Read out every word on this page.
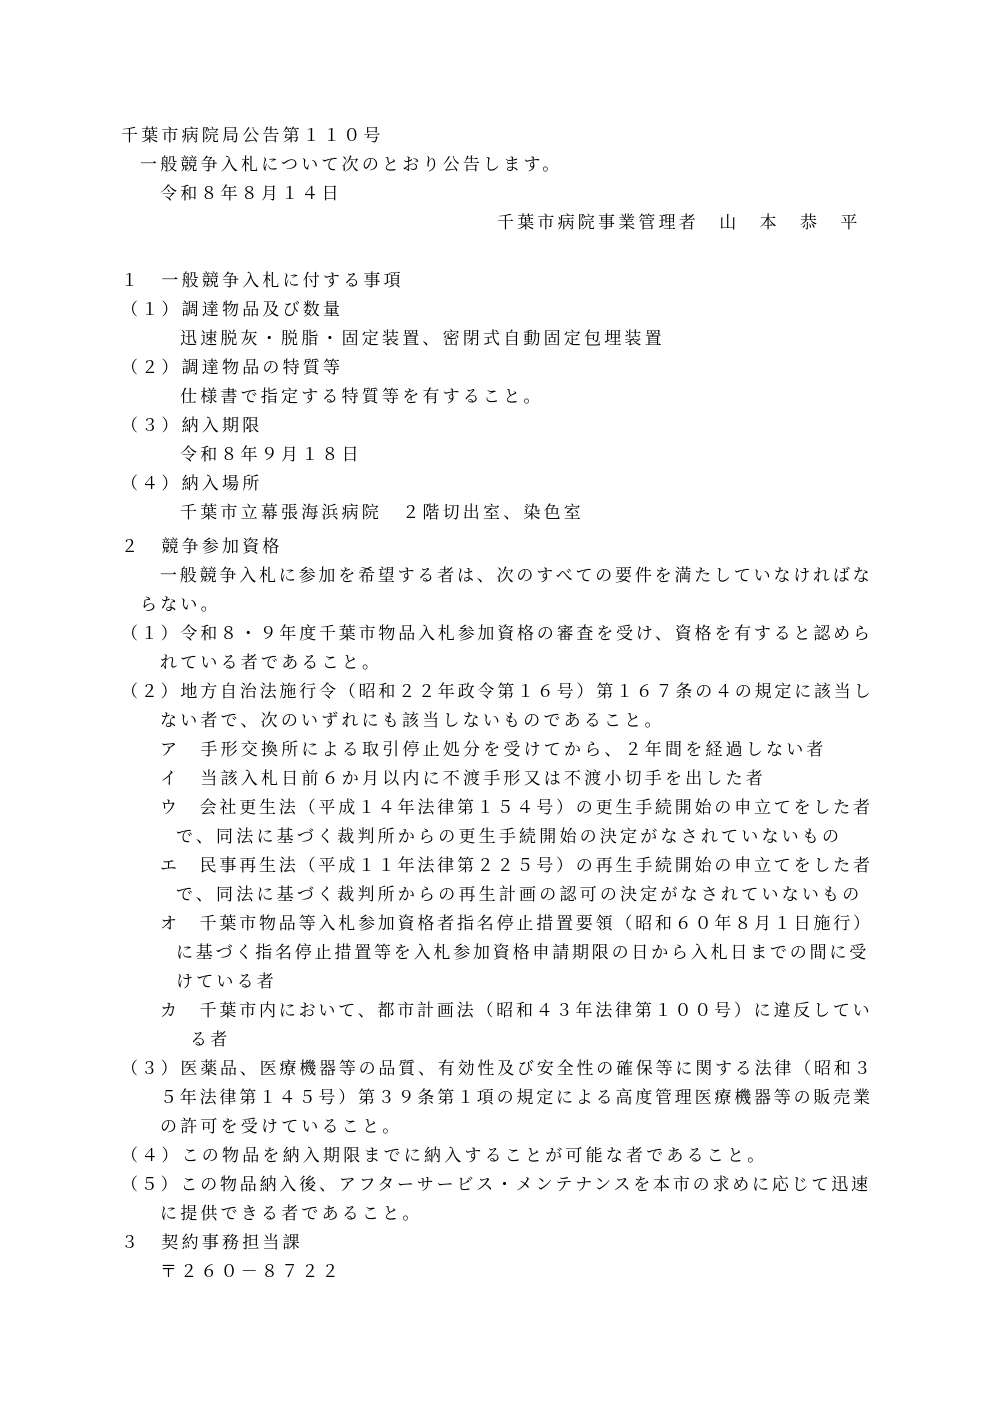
千葉市病院局公告第１１０号
一般競争入札について次のとおり公告します。
令和８年８月１４日
千葉市病院事業管理者　山　本　恭　平
１　一般競争入札に付する事項
（１）調達物品及び数量
迅速脱灰・脱脂・固定装置、密閉式自動固定包埋装置
（２）調達物品の特質等
仕様書で指定する特質等を有すること。
（３）納入期限
令和８年９月１８日
（４）納入場所
千葉市立幕張海浜病院　２階切出室、染色室
２　競争参加資格
一般競争入札に参加を希望する者は、次のすべての要件を満たしていなければな
らない。
（１）令和８・９年度千葉市物品入札参加資格の審査を受け、資格を有すると認めら
れている者であること。
（２）地方自治法施行令（昭和２２年政令第１６号）第１６７条の４の規定に該当し
ない者で、次のいずれにも該当しないものであること。
ア　手形交換所による取引停止処分を受けてから、２年間を経過しない者
イ　当該入札日前６か月以内に不渡手形又は不渡小切手を出した者
ウ　会社更生法（平成１４年法律第１５４号）の更生手続開始の申立てをした者
で、同法に基づく裁判所からの更生手続開始の決定がなされていないもの
エ　民事再生法（平成１１年法律第２２５号）の再生手続開始の申立てをした者
で、同法に基づく裁判所からの再生計画の認可の決定がなされていないもの
オ　千葉市物品等入札参加資格者指名停止措置要領（昭和６０年８月１日施行）
に基づく指名停止措置等を入札参加資格申請期限の日から入札日までの間に受
けている者
カ　千葉市内において、都市計画法（昭和４３年法律第１００号）に違反してい
る者
（３）医薬品、医療機器等の品質、有効性及び安全性の確保等に関する法律（昭和３
５年法律第１４５号）第３９条第１項の規定による高度管理医療機器等の販売業
の許可を受けていること。
（４）この物品を納入期限までに納入することが可能な者であること。
（５）この物品納入後、アフターサービス・メンテナンスを本市の求めに応じて迅速
に提供できる者であること。
３　契約事務担当課
〒２６０－８７２２
